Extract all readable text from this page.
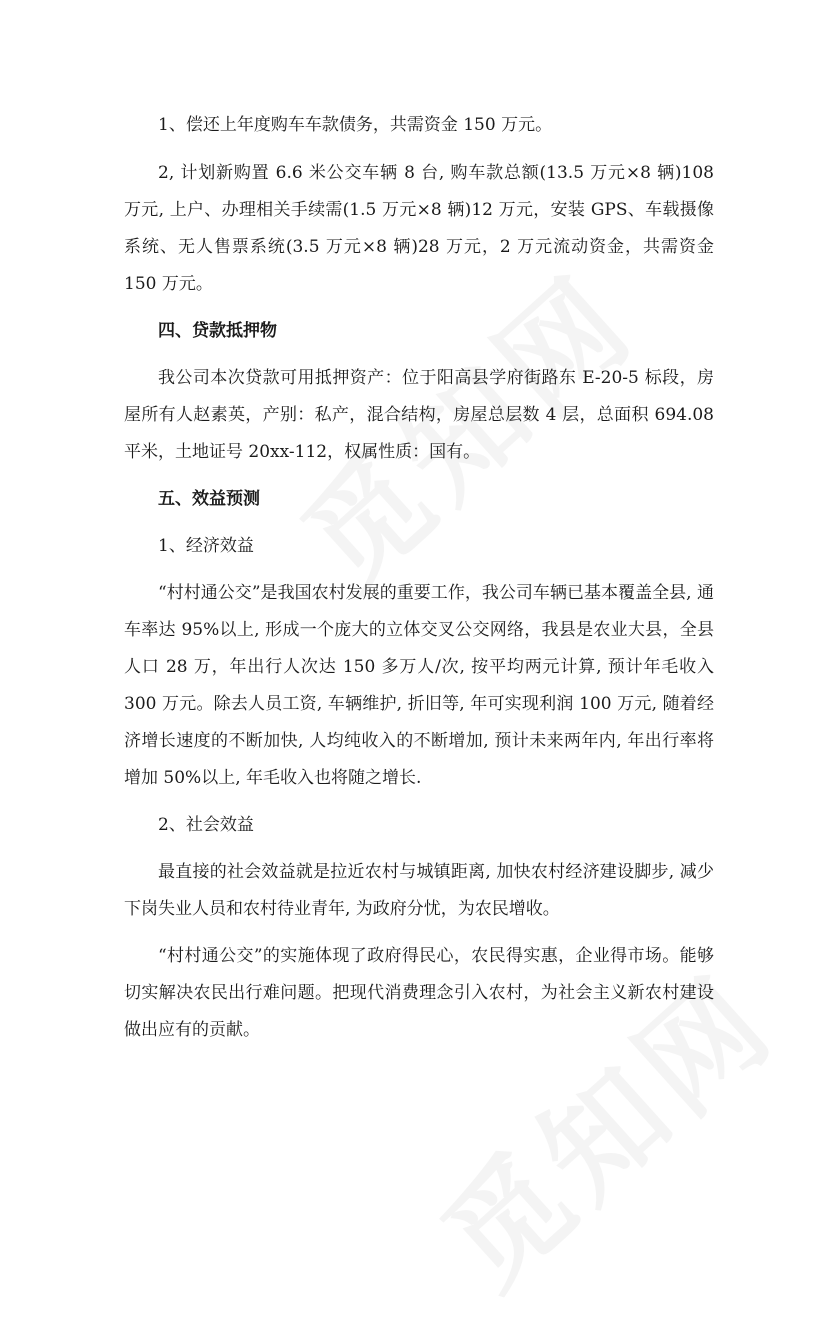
1、偿还上年度购车车款债务，共需资金 150 万元。

2, 计划新购置 6.6 米公交车辆 8 台, 购车款总额(13.5 万元×8 辆)108 万元, 上户、办理相关手续需(1.5 万元×8 辆)12 万元，安装 GPS、车载摄像系统、无人售票系统(3.5 万元×8 辆)28 万元，2 万元流动资金，共需资金 150 万元。

四、贷款抵押物

我公司本次贷款可用抵押资产：位于阳高县学府街路东 E-20-5 标段，房屋所有人赵素英，产别：私产，混合结构，房屋总层数 4 层，总面积 694.08 平米，土地证号 20xx-112，权属性质：国有。

五、效益预测

1、经济效益

“村村通公交”是我国农村发展的重要工作，我公司车辆已基本覆盖全县, 通车率达 95%以上, 形成一个庞大的立体交叉公交网络，我县是农业大县，全县人口 28 万，年出行人次达 150 多万人/次, 按平均两元计算, 预计年毛收入 300 万元。除去人员工资, 车辆维护, 折旧等, 年可实现利润 100 万元, 随着经济增长速度的不断加快, 人均纯收入的不断增加, 预计未来两年内, 年出行率将增加 50%以上, 年毛收入也将随之增长.

2、社会效益

最直接的社会效益就是拉近农村与城镇距离, 加快农村经济建设脚步, 减少下岗失业人员和农村待业青年, 为政府分忧，为农民增收。

“村村通公交”的实施体现了政府得民心，农民得实惠，企业得市场。能够切实解决农民出行难问题。把现代消费理念引入农村，为社会主义新农村建设做出应有的贡献。
